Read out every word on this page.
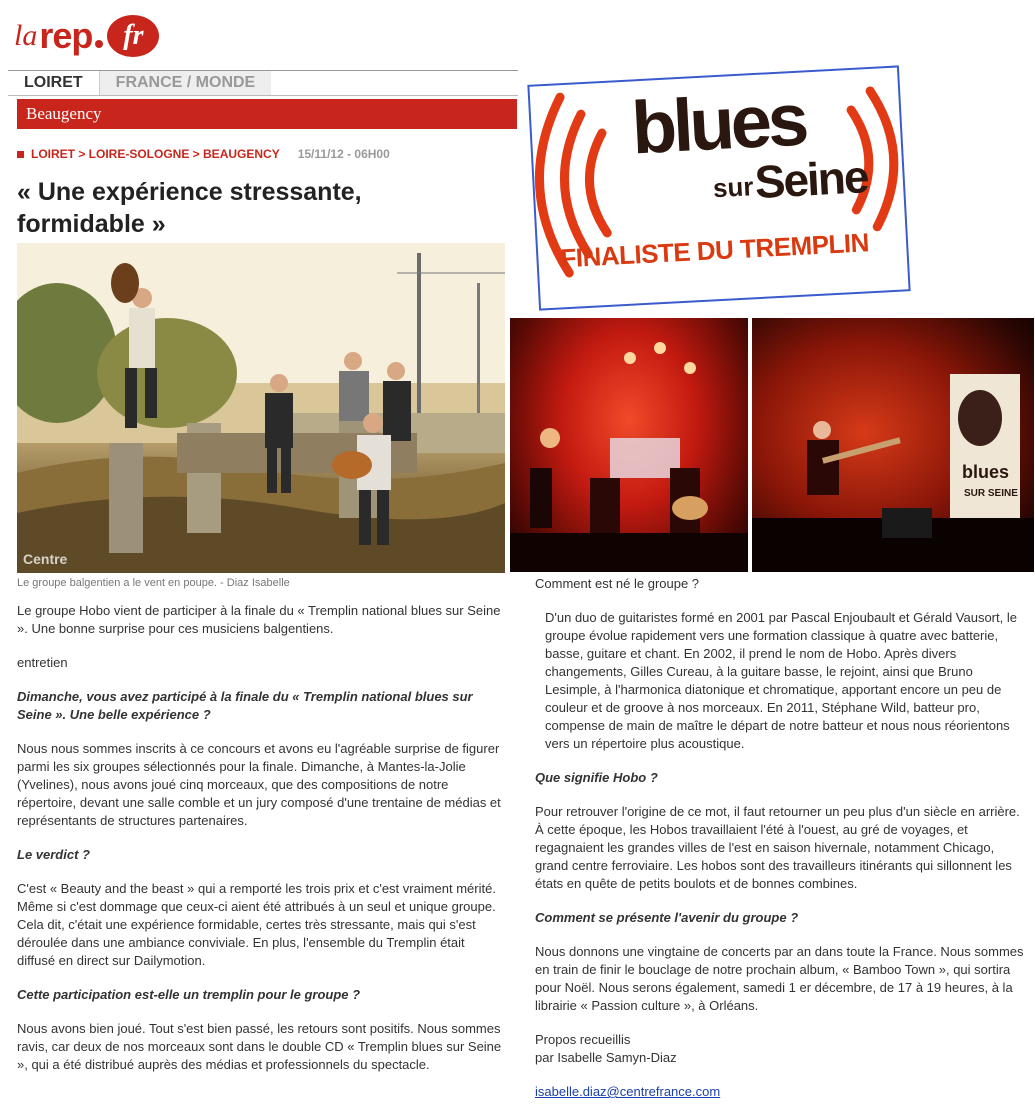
la rep	fr
LOIRET	FRANCE / MONDE
Beaugency
LOIRET > LOIRE-SOLOGNE > BEAUGENCY 15/11/12 - 06H00
« Une expérience stressante, formidable »
Centre
Le groupe balgentien a le vent en poupe. - Diaz Isabelle
blues
sur Seine
FINALISTE DU TREMPLIN
blues
SUR SEINE

Le groupe Hobo vient de participer à la finale du « Tremplin national blues sur Seine ». Une bonne surprise pour ces musiciens balgentiens.

entretien

Dimanche, vous avez participé à la finale du « Tremplin national blues sur Seine ». Une belle expérience ?

Nous nous sommes inscrits à ce concours et avons eu l'agréable surprise de figurer parmi les six groupes sélectionnés pour la finale. Dimanche, à Mantes-la-Jolie (Yvelines), nous avons joué cinq morceaux, que des compositions de notre répertoire, devant une salle comble et un jury composé d'une trentaine de médias et représentants de structures partenaires.

Le verdict ?

C'est « Beauty and the beast » qui a remporté les trois prix et c'est vraiment mérité. Même si c'est dommage que ceux-ci aient été attribués à un seul et unique groupe. Cela dit, c'était une expérience formidable, certes très stressante, mais qui s'est déroulée dans une ambiance conviviale. En plus, l'ensemble du Tremplin était diffusé en direct sur Dailymotion.

Cette participation est-elle un tremplin pour le groupe ?

Nous avons bien joué. Tout s'est bien passé, les retours sont positifs. Nous sommes ravis, car deux de nos morceaux sont dans le double CD « Tremplin blues sur Seine », qui a été distribué auprès des médias et professionnels du spectacle.

Comment est né le groupe ?

D'un duo de guitaristes formé en 2001 par Pascal Enjoubault et Gérald Vausort, le groupe évolue rapidement vers une formation classique à quatre avec batterie, basse, guitare et chant. En 2002, il prend le nom de Hobo. Après divers changements, Gilles Cureau, à la guitare basse, le rejoint, ainsi que Bruno Lesimple, à l'harmonica diatonique et chromatique, apportant encore un peu de couleur et de groove à nos morceaux. En 2011, Stéphane Wild, batteur pro, compense de main de maître le départ de notre batteur et nous nous réorientons vers un répertoire plus acoustique.

Que signifie Hobo ?

Pour retrouver l'origine de ce mot, il faut retourner un peu plus d'un siècle en arrière. À cette époque, les Hobos travaillaient l'été à l'ouest, au gré de voyages, et regagnaient les grandes villes de l'est en saison hivernale, notamment Chicago, grand centre ferroviaire. Les hobos sont des travailleurs itinérants qui sillonnent les états en quête de petits boulots et de bonnes combines.

Comment se présente l'avenir du groupe ?

Nous donnons une vingtaine de concerts par an dans toute la France. Nous sommes en train de finir le bouclage de notre prochain album, « Bamboo Town », qui sortira pour Noël. Nous serons également, samedi 1 er décembre, de 17 à 19 heures, à la librairie « Passion culture », à Orléans.

Propos recueillis
par Isabelle Samyn-Diaz

isabelle.diaz@centrefrance.com
